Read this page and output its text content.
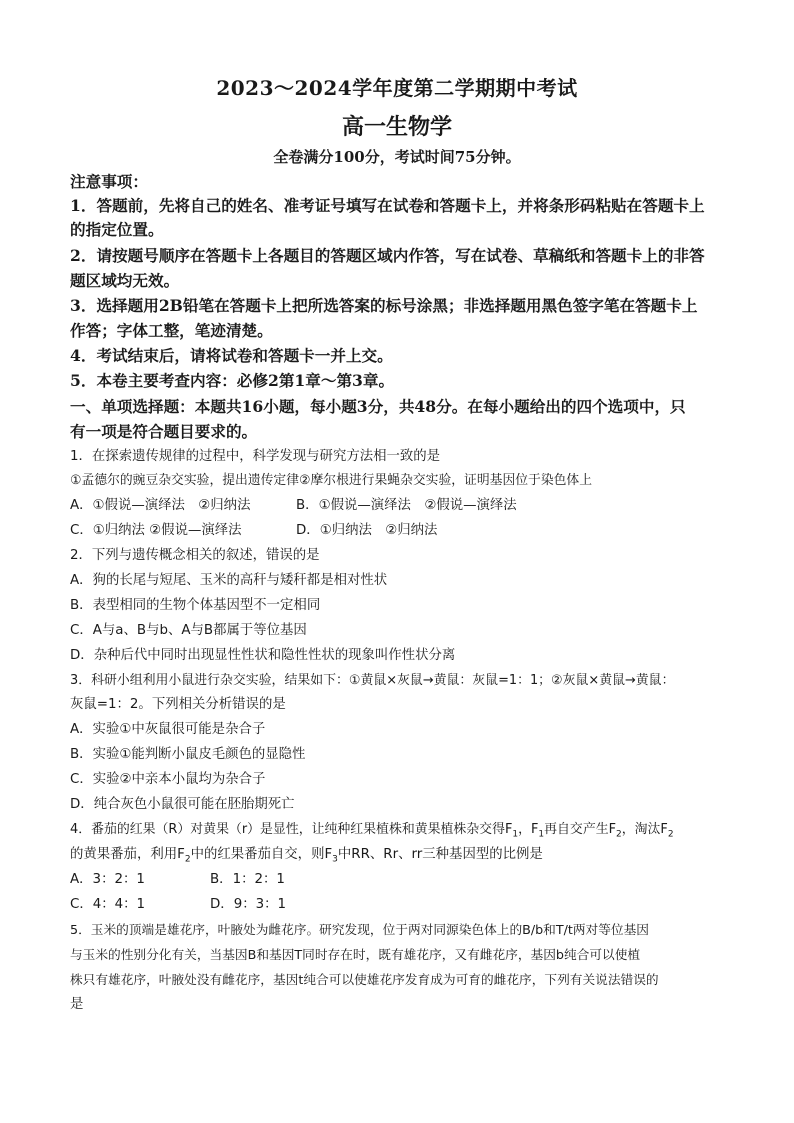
2023～2024学年度第二学期期中考试
高一生物学
全卷满分100分，考试时间75分钟。
注意事项：
1．答题前，先将自己的姓名、准考证号填写在试卷和答题卡上，并将条形码粘贴在答题卡上
的指定位置。
2．请按题号顺序在答题卡上各题目的答题区域内作答，写在试卷、草稿纸和答题卡上的非答
题区域均无效。
3．选择题用2B铅笔在答题卡上把所选答案的标号涂黑；非选择题用黑色签字笔在答题卡上
作答；字体工整，笔迹清楚。
4．考试结束后，请将试卷和答题卡一并上交。
5．本卷主要考查内容：必修2第1章～第3章。
一、单项选择题：本题共16小题，每小题3分，共48分。在每小题给出的四个选项中，只
有一项是符合题目要求的。
1．在探索遗传规律的过程中，科学发现与研究方法相一致的是
①孟德尔的豌豆杂交实验，提出遗传定律②摩尔根进行果蝇杂交实验，证明基因位于染色体上
A．①假说—演绎法　②归纳法	B．①假说—演绎法　②假说—演绎法
C．①归纳法 ②假说—演绎法	D．①归纳法　②归纳法
2．下列与遗传概念相关的叙述，错误的是
A．狗的长尾与短尾、玉米的高秆与矮秆都是相对性状
B．表型相同的生物个体基因型不一定相同
C．A与a、B与b、A与B都属于等位基因
D．杂种后代中同时出现显性性状和隐性性状的现象叫作性状分离
3．科研小组利用小鼠进行杂交实验，结果如下：①黄鼠×灰鼠→黄鼠：灰鼠=1：1；②灰鼠×黄鼠→黄鼠：
灰鼠=1：2。下列相关分析错误的是
A．实验①中灰鼠很可能是杂合子
B．实验①能判断小鼠皮毛颜色的显隐性
C．实验②中亲本小鼠均为杂合子
D．纯合灰色小鼠很可能在胚胎期死亡
4．番茄的红果（R）对黄果（r）是显性，让纯种红果植株和黄果植株杂交得$F_1$，$F_1$再自交产生$F_2$，淘汰$F_2$
的黄果番茄，利用$F_2$中的红果番茄自交，则$F_3$中RR、Rr、rr三种基因型的比例是
A．3：2：1	B．1：2：1
C．4：4：1	D．9：3：1
5．玉米的顶端是雄花序，叶腋处为雌花序。研究发现，位于两对同源染色体上的B/b和T/t两对等位基因
与玉米的性别分化有关，当基因B和基因T同时存在时，既有雄花序，又有雌花序，基因b纯合可以使植
株只有雄花序，叶腋处没有雌花序，基因t纯合可以使雄花序发育成为可育的雌花序，下列有关说法错误的
是
